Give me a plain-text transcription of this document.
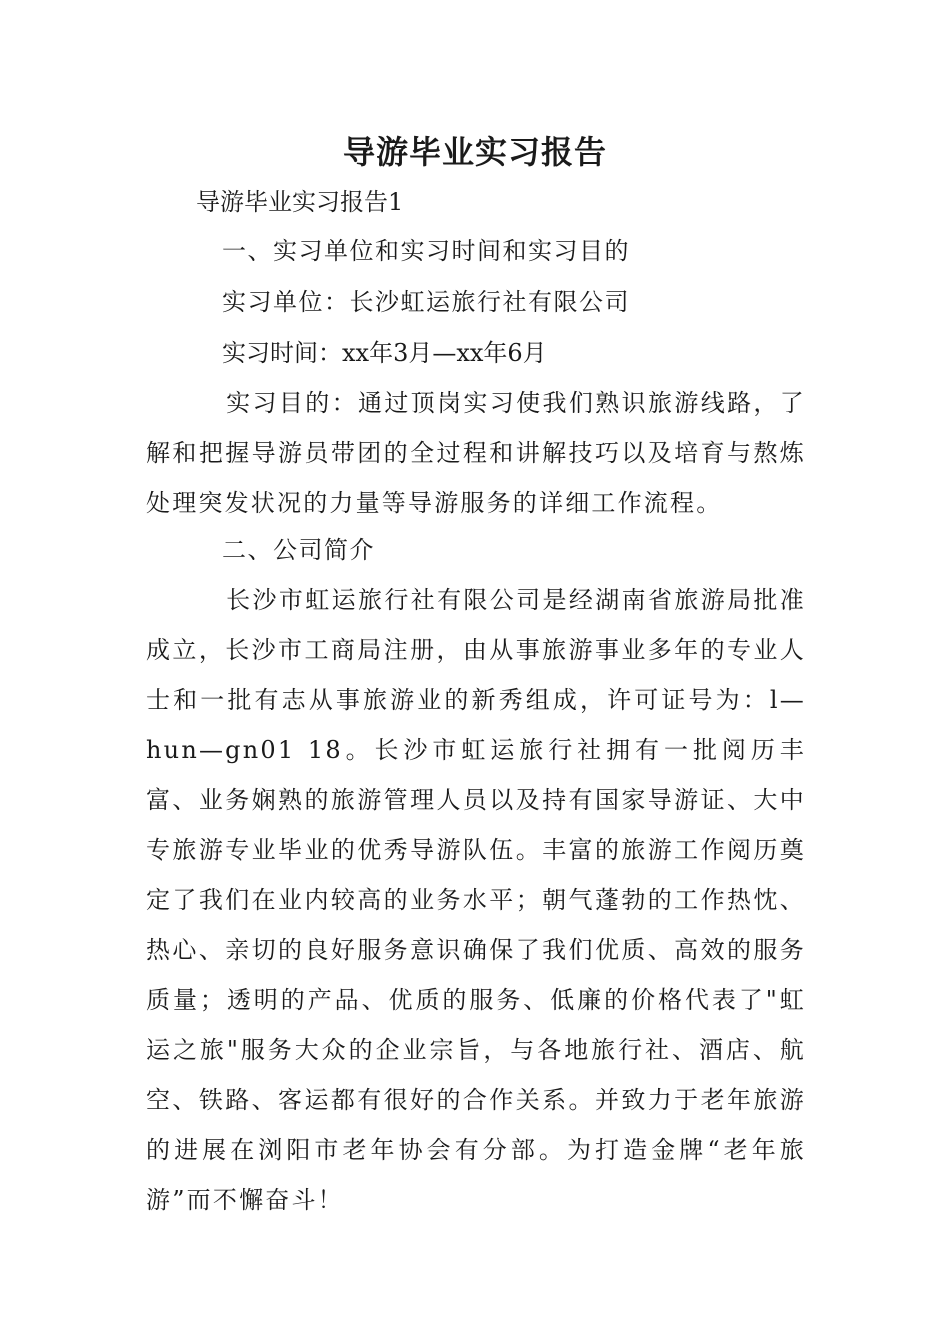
导游毕业实习报告
导游毕业实习报告1
一、实习单位和实习时间和实习目的
实习单位：长沙虹运旅行社有限公司
实习时间：xx年3月—xx年6月
实习目的：通过顶岗实习使我们熟识旅游线路，了解和把握导游员带团的全过程和讲解技巧以及培育与熬炼处理突发状况的力量等导游服务的详细工作流程。
二、公司简介
长沙市虹运旅行社有限公司是经湖南省旅游局批准成立，长沙市工商局注册，由从事旅游事业多年的专业人士和一批有志从事旅游业的新秀组成，许可证号为：l—hun—gn01 18。长沙市虹运旅行社拥有一批阅历丰富、业务娴熟的旅游管理人员以及持有国家导游证、大中专旅游专业毕业的优秀导游队伍。丰富的旅游工作阅历奠定了我们在业内较高的业务水平；朝气蓬勃的工作热忱、热心、亲切的良好服务意识确保了我们优质、高效的服务质量；透明的产品、优质的服务、低廉的价格代表了"虹运之旅"服务大众的企业宗旨，与各地旅行社、酒店、航空、铁路、客运都有很好的合作关系。并致力于老年旅游的进展在浏阳市老年协会有分部。为打造金牌“老年旅游”而不懈奋斗！
